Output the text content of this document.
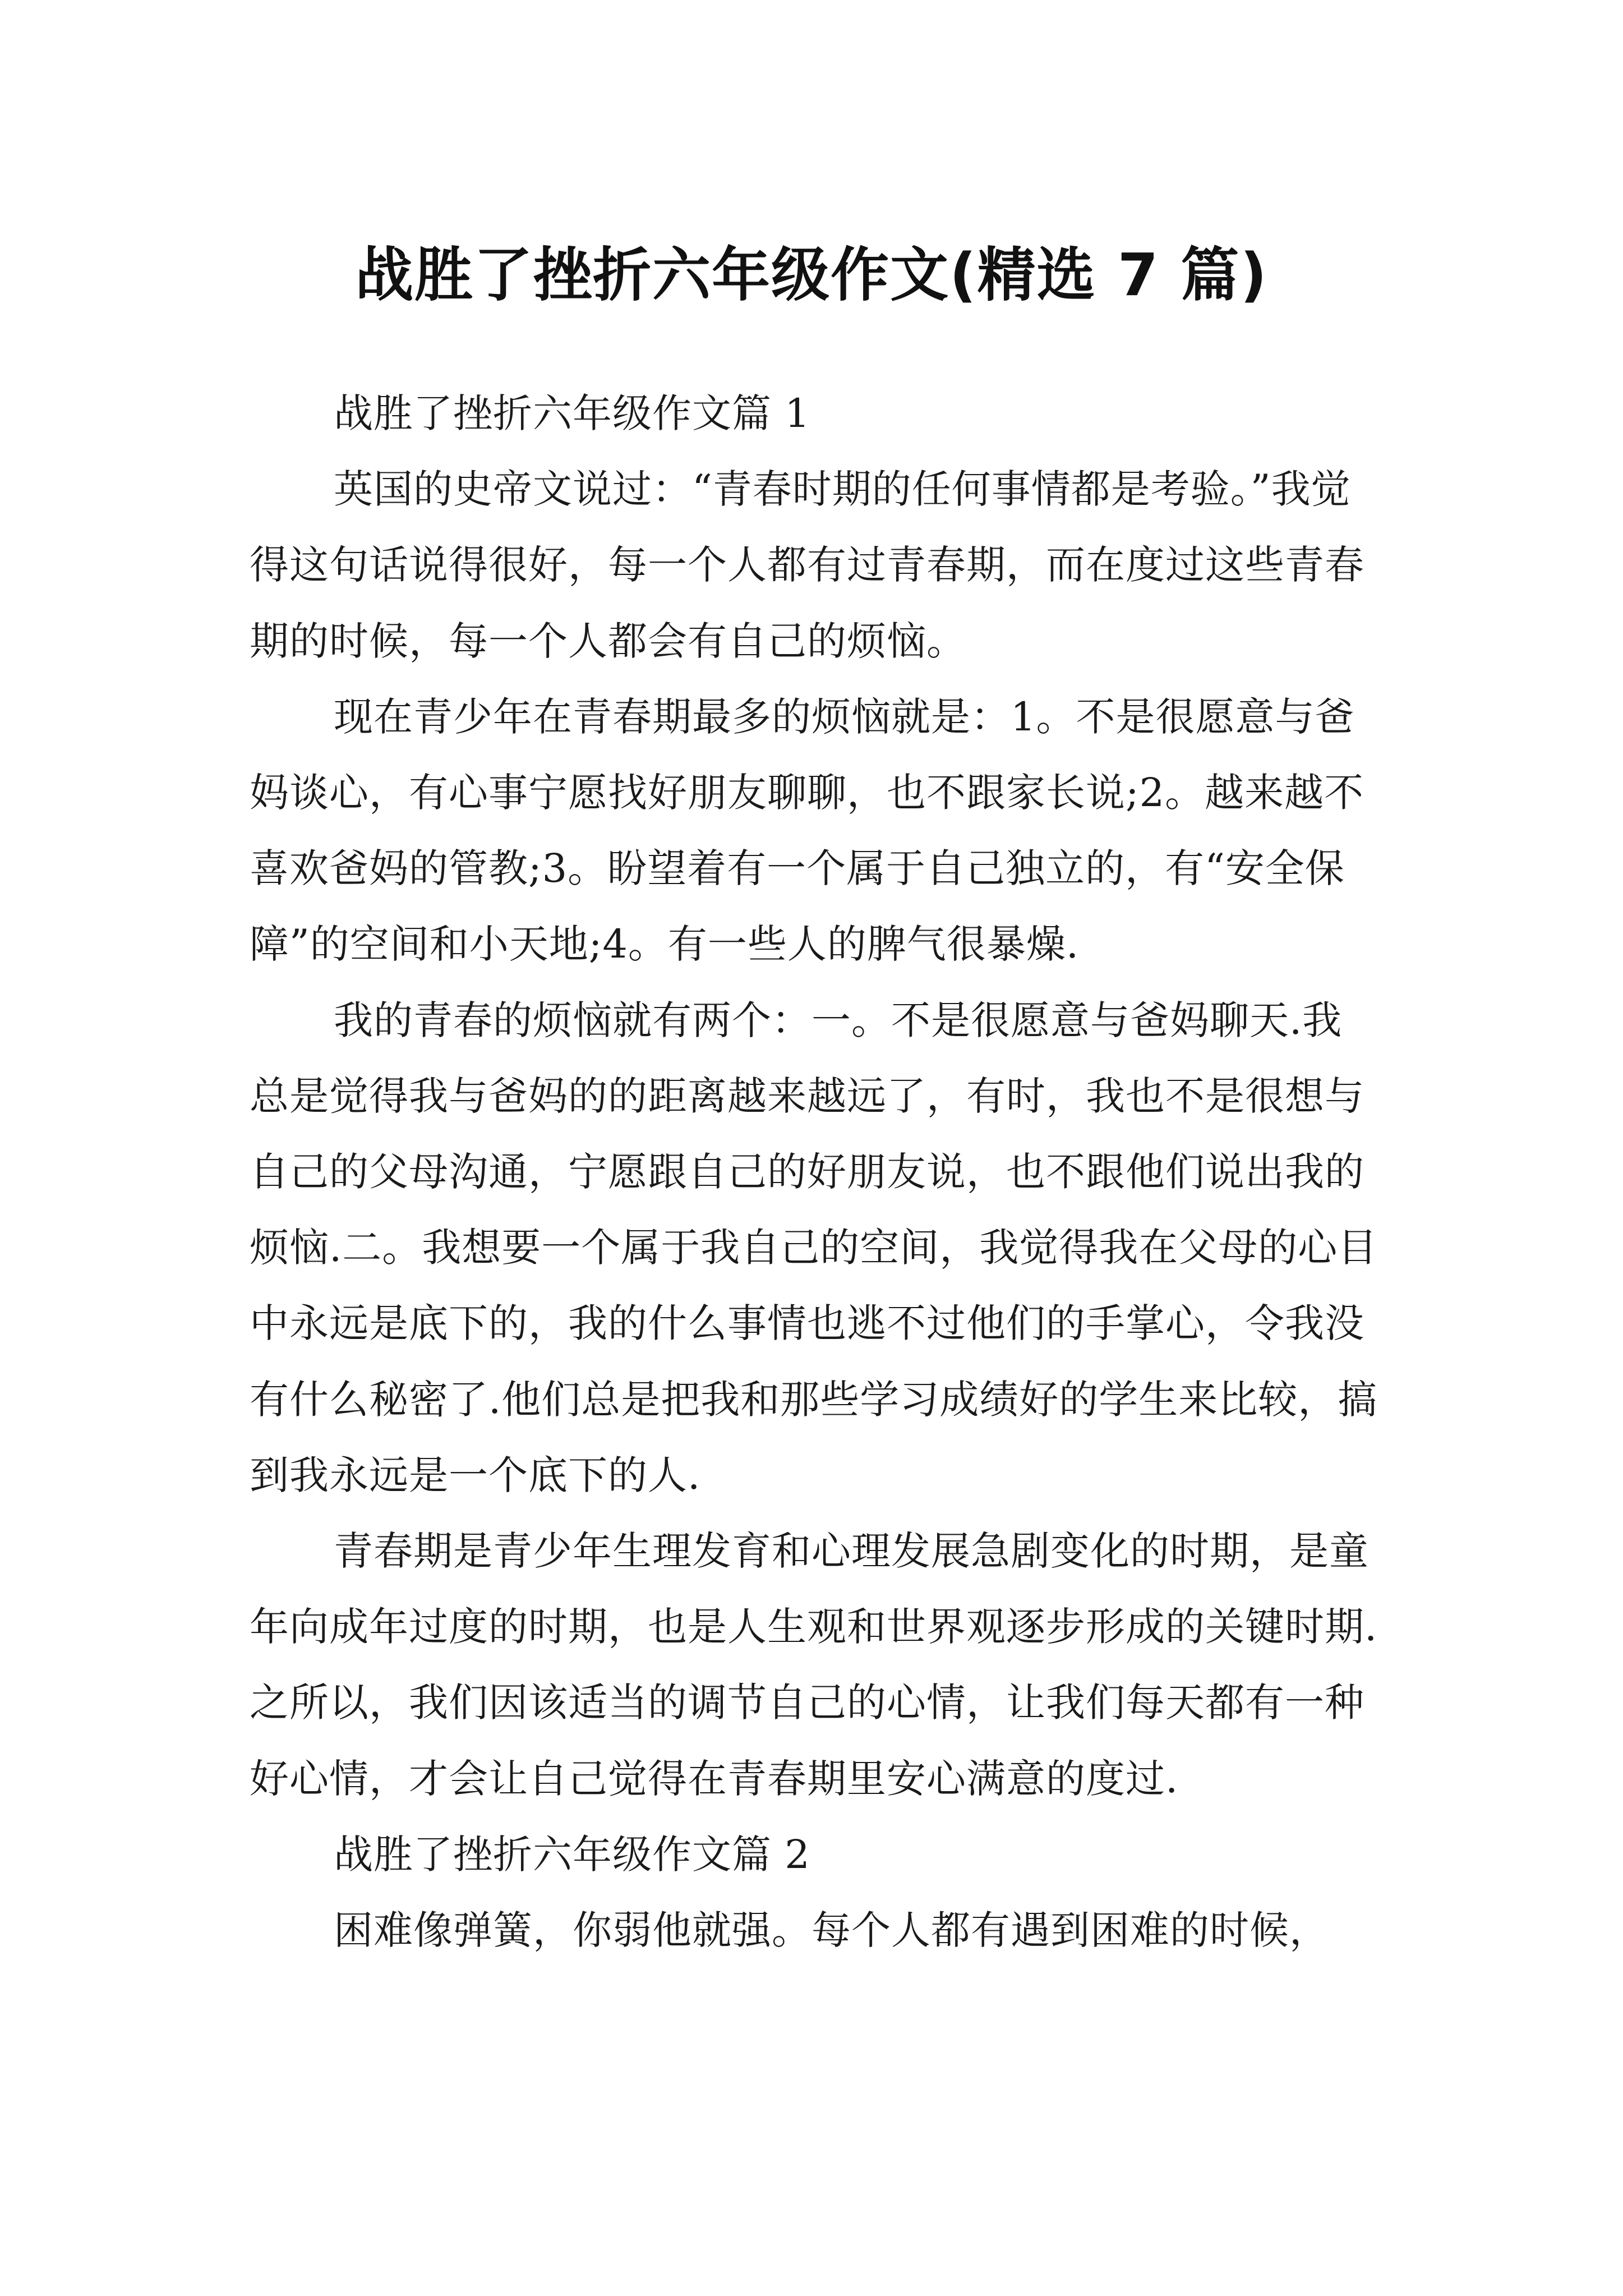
战胜了挫折六年级作文(精选 7 篇)

战胜了挫折六年级作文篇 1

英国的史帝文说过：“青春时期的任何事情都是考验。”我觉得这句话说得很好，每一个人都有过青春期，而在度过这些青春期的时候，每一个人都会有自己的烦恼。

现在青少年在青春期最多的烦恼就是：1。不是很愿意与爸妈谈心，有心事宁愿找好朋友聊聊，也不跟家长说;2。越来越不喜欢爸妈的管教;3。盼望着有一个属于自己独立的，有“安全保障”的空间和小天地;4。有一些人的脾气很暴燥.

我的青春的烦恼就有两个：一。不是很愿意与爸妈聊天.我总是觉得我与爸妈的的距离越来越远了，有时，我也不是很想与自己的父母沟通，宁愿跟自己的好朋友说，也不跟他们说出我的烦恼.二。我想要一个属于我自己的空间，我觉得我在父母的心目中永远是底下的，我的什么事情也逃不过他们的手掌心，令我没有什么秘密了.他们总是把我和那些学习成绩好的学生来比较，搞到我永远是一个底下的人.

青春期是青少年生理发育和心理发展急剧变化的时期，是童年向成年过度的时期，也是人生观和世界观逐步形成的关键时期.之所以，我们因该适当的调节自己的心情，让我们每天都有一种好心情，才会让自己觉得在青春期里安心满意的度过.

战胜了挫折六年级作文篇 2

困难像弹簧，你弱他就强。每个人都有遇到困难的时候，
